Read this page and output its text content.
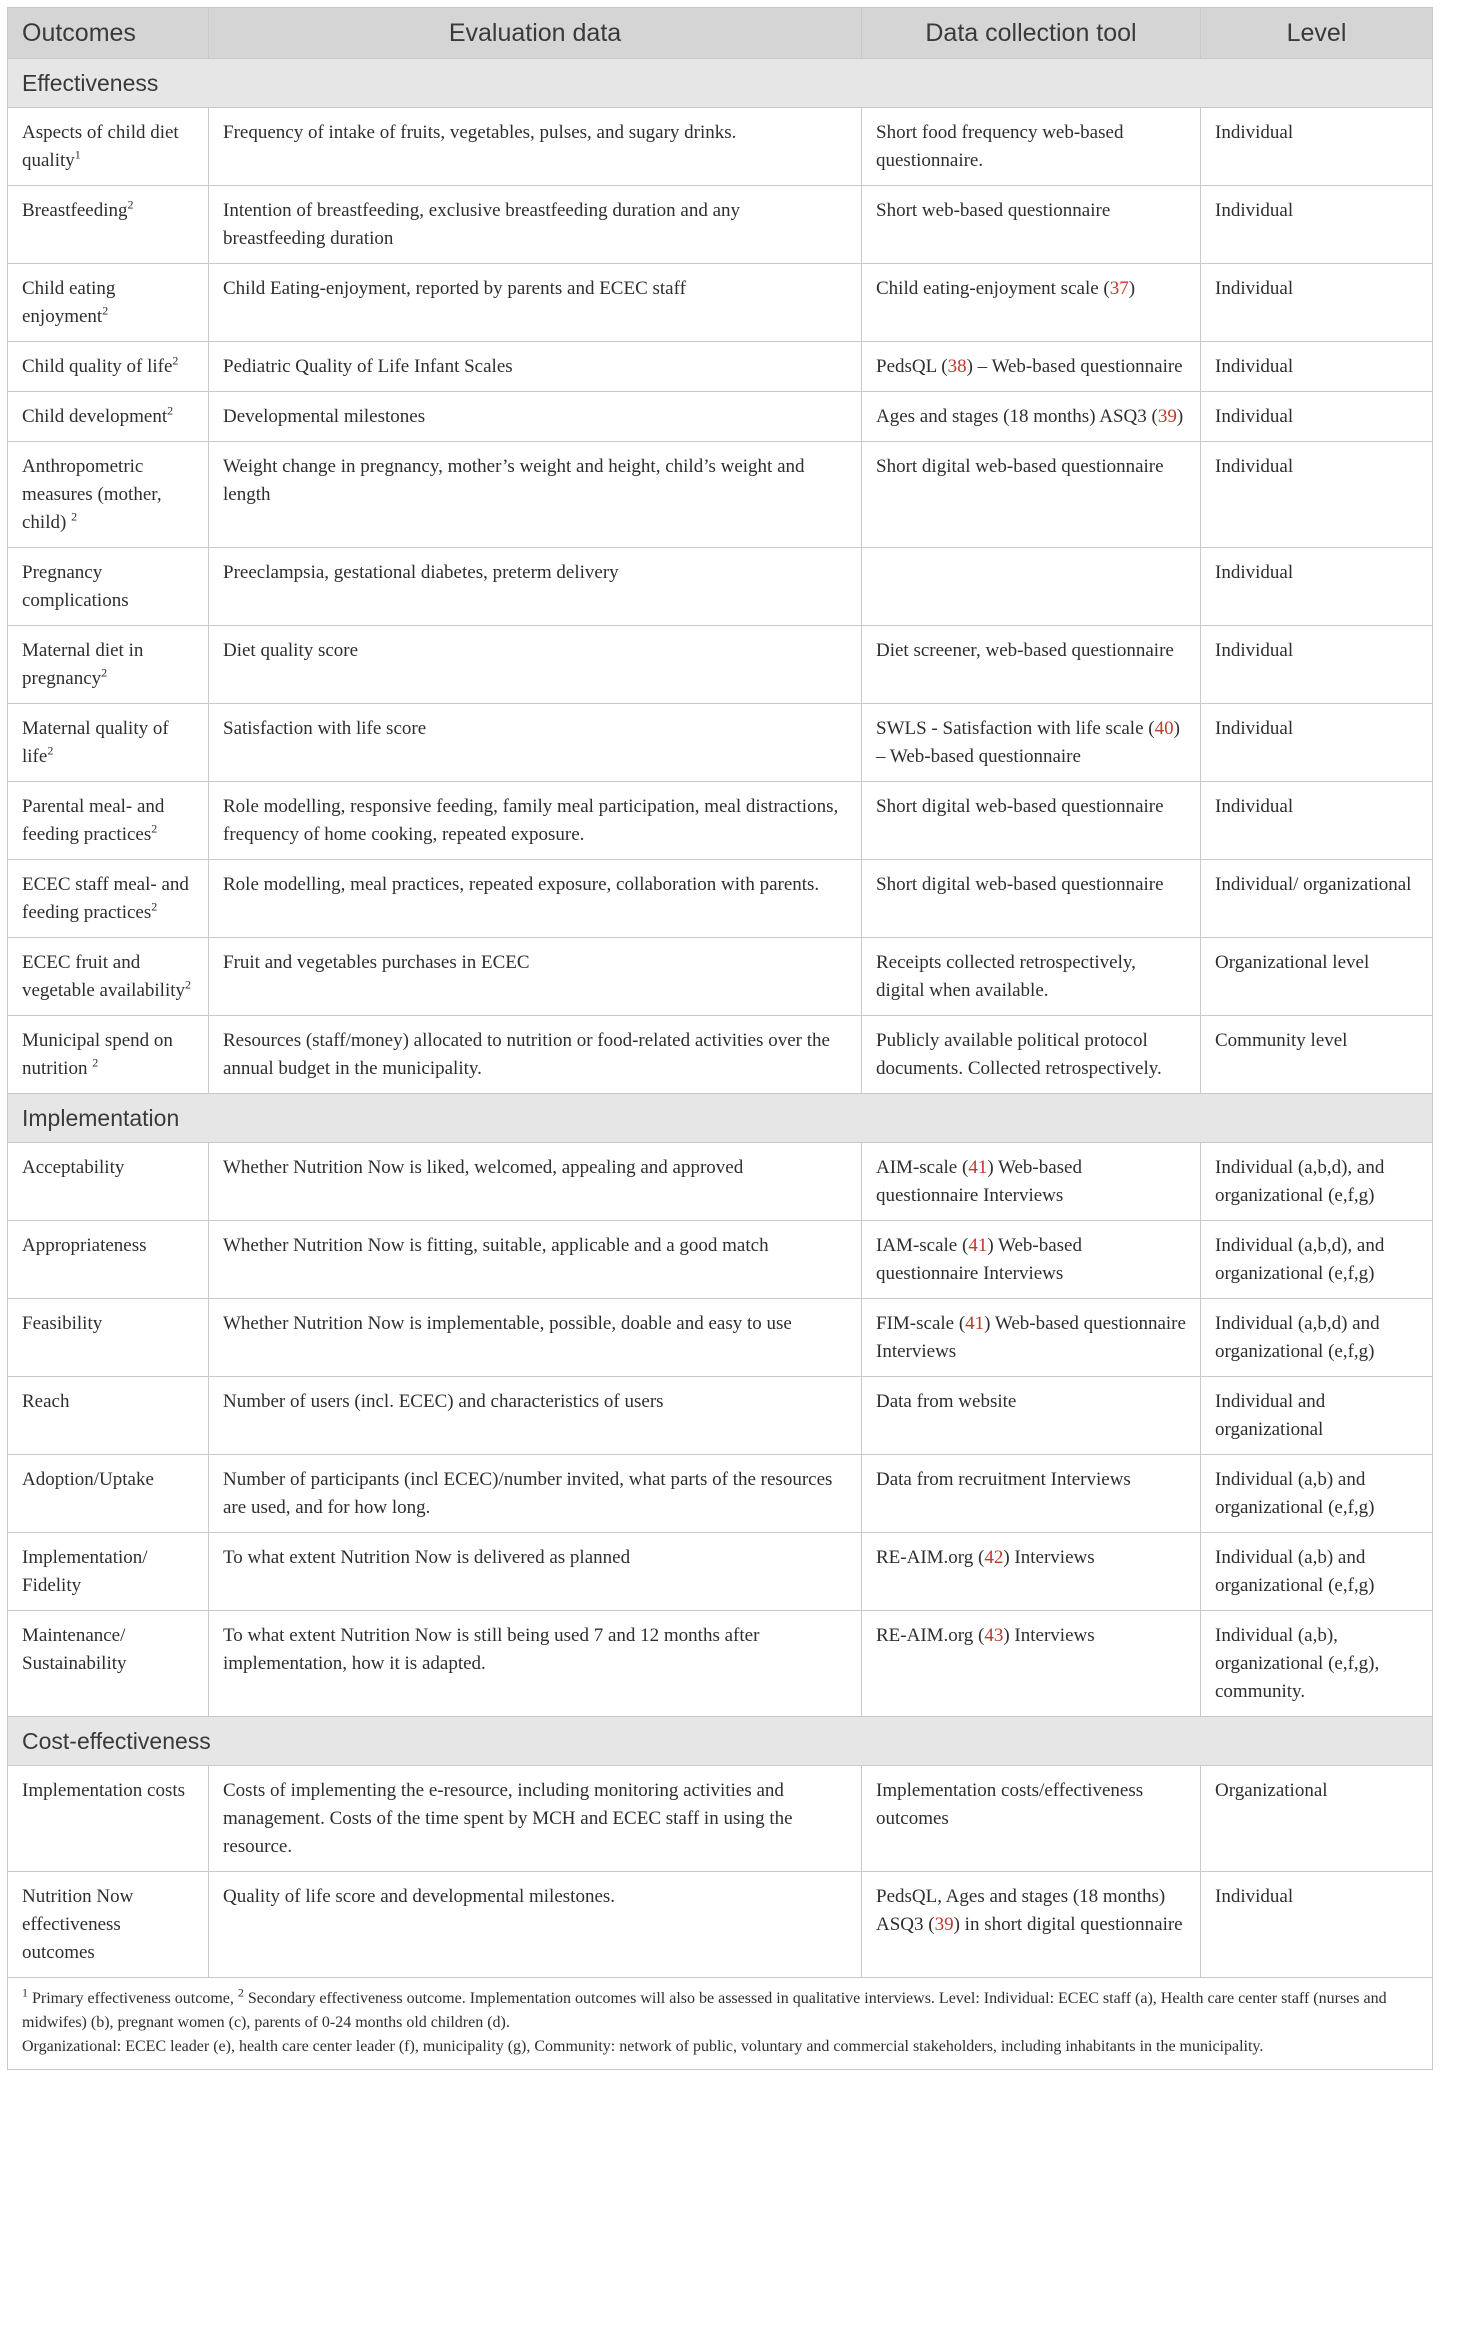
Outcomes	Evaluation data	Data collection tool	Level
Effectiveness			
Aspects of child diet quality$^1$	Frequency of intake of fruits, vegetables, pulses, and sugary drinks.	Short food frequency web-based questionnaire.	Individual
Breastfeeding$^2$	Intention of breastfeeding, exclusive breastfeeding duration and any breastfeeding duration	Short web-based questionnaire	Individual
Child eating enjoyment$^2$	Child Eating-enjoyment, reported by parents and ECEC staff	Child eating-enjoyment scale (37)	Individual
Child quality of life$^2$	Pediatric Quality of Life Infant Scales	PedsQL (38) – Web-based questionnaire	Individual
Child development$^2$	Developmental milestones	Ages and stages (18 months) ASQ3 (39)	Individual
Anthropometric measures (mother, child) $^2$	Weight change in pregnancy, mother’s weight and height, child’s weight and length	Short digital web-based questionnaire	Individual
Pregnancy complications	Preeclampsia, gestational diabetes, preterm delivery		Individual
Maternal diet in pregnancy$^2$	Diet quality score	Diet screener, web-based questionnaire	Individual
Maternal quality of life$^2$	Satisfaction with life score	SWLS - Satisfaction with life scale (40) – Web-based questionnaire	Individual
Parental meal- and feeding practices$^2$	Role modelling, responsive feeding, family meal participation, meal distractions, frequency of home cooking, repeated exposure.	Short digital web-based questionnaire	Individual
ECEC staff meal- and feeding practices$^2$	Role modelling, meal practices, repeated exposure, collaboration with parents.	Short digital web-based questionnaire	Individual/ organizational
ECEC fruit and vegetable availability$^2$	Fruit and vegetables purchases in ECEC	Receipts collected retrospectively, digital when available.	Organizational level
Municipal spend on nutrition $^2$	Resources (staff/money) allocated to nutrition or food-related activities over the annual budget in the municipality.	Publicly available political protocol documents. Collected retrospectively.	Community level
Implementation			
Acceptability	Whether Nutrition Now is liked, welcomed, appealing and approved	AIM-scale (41) Web-based questionnaire Interviews	Individual (a,b,d), and organizational (e,f,g)
Appropriateness	Whether Nutrition Now is fitting, suitable, applicable and a good match	IAM-scale (41) Web-based questionnaire Interviews	Individual (a,b,d), and organizational (e,f,g)
Feasibility	Whether Nutrition Now is implementable, possible, doable and easy to use	FIM-scale (41) Web-based questionnaire Interviews	Individual (a,b,d) and organizational (e,f,g)
Reach	Number of users (incl. ECEC) and characteristics of users	Data from website	Individual and organizational
Adoption/Uptake	Number of participants (incl ECEC)/number invited, what parts of the resources are used, and for how long.	Data from recruitment Interviews	Individual (a,b) and organizational (e,f,g)
Implementation/ Fidelity	To what extent Nutrition Now is delivered as planned	RE-AIM.org (42) Interviews	Individual (a,b) and organizational (e,f,g)
Maintenance/ Sustainability	To what extent Nutrition Now is still being used 7 and 12 months after implementation, how it is adapted.	RE-AIM.org (43) Interviews	Individual (a,b), organizational (e,f,g), community.
Cost-effectiveness			
Implementation costs	Costs of implementing the e-resource, including monitoring activities and management. Costs of the time spent by MCH and ECEC staff in using the resource.	Implementation costs/effectiveness outcomes	Organizational
Nutrition Now effectiveness outcomes	Quality of life score and developmental milestones.	PedsQL, Ages and stages (18 months) ASQ3 (39) in short digital questionnaire	Individual

$^1$ Primary effectiveness outcome, $^2$ Secondary effectiveness outcome. Implementation outcomes will also be assessed in qualitative interviews. Level: Individual: ECEC staff (a), Health care center staff (nurses and midwifes) (b), pregnant women (c), parents of 0-24 months old children (d).
Organizational: ECEC leader (e), health care center leader (f), municipality (g), Community: network of public, voluntary and commercial stakeholders, including inhabitants in the municipality.			
